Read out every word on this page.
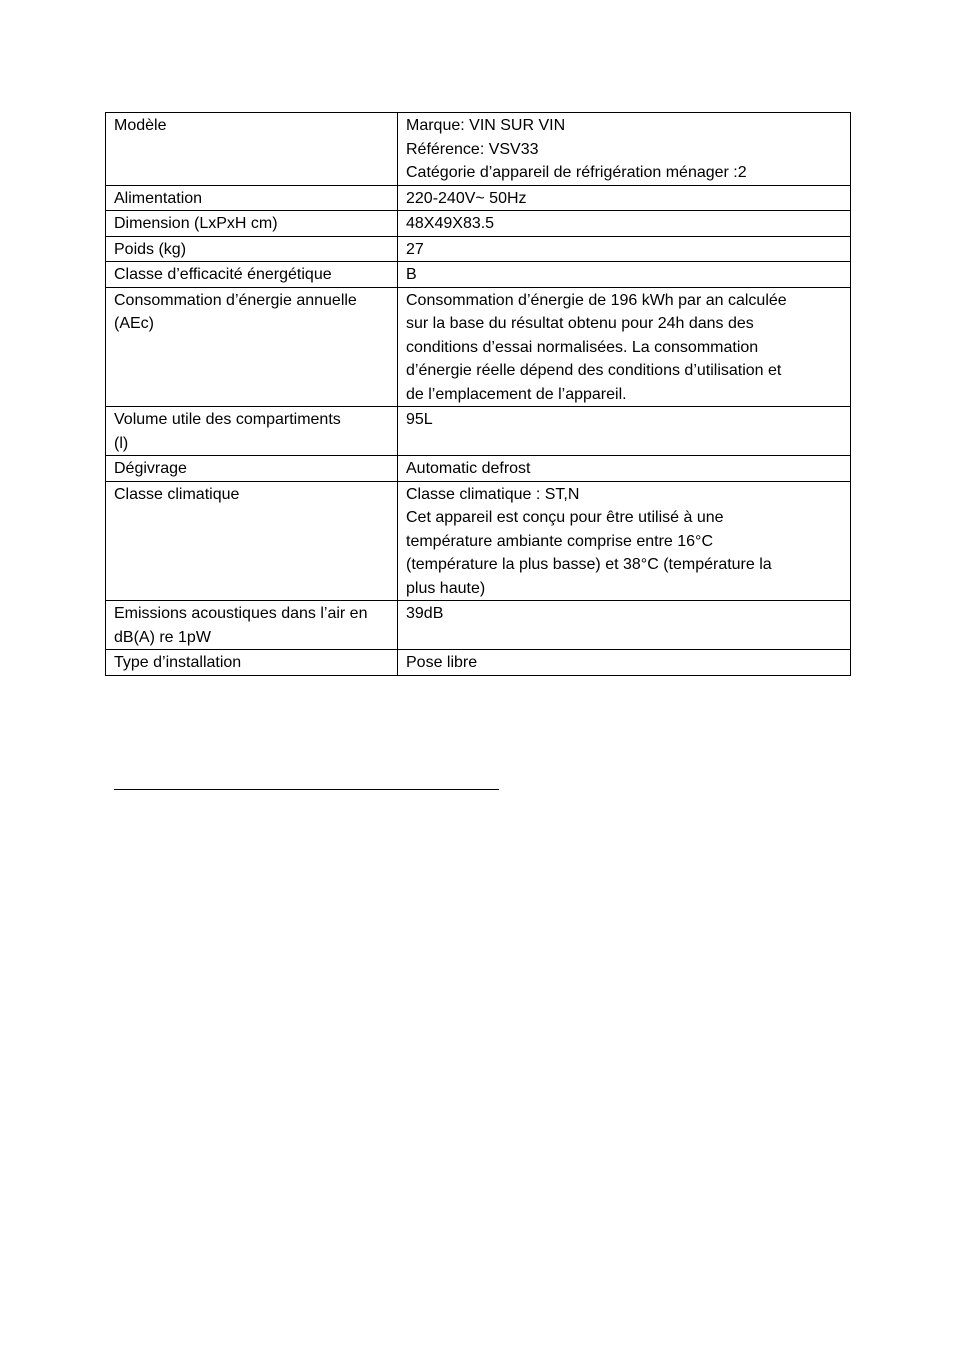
Modèle	Marque: VIN SUR VIN
Référence: VSV33
Catégorie d’appareil de réfrigération ménager :2

Alimentation	220-240V~ 50Hz

Dimension (LxPxH cm)	48X49X83.5

Poids (kg)	27

Classe d’efficacité énergétique	B

Consommation d’énergie annuelle
(AEc)	Consommation d’énergie de 196 kWh par an calculée
sur la base du résultat obtenu pour 24h dans des
conditions d’essai normalisées. La consommation
d’énergie réelle dépend des conditions d’utilisation et
de l’emplacement de l’appareil.

Volume utile des compartiments
(l)	95L

Dégivrage	Automatic defrost

Classe climatique	Classe climatique : ST,N
Cet appareil est conçu pour être utilisé à une
température ambiante comprise entre 16°C
(température la plus basse) et 38°C (température la
plus haute)

Emissions acoustiques dans l’air en
dB(A) re 1pW	39dB

Type d’installation	Pose libre
